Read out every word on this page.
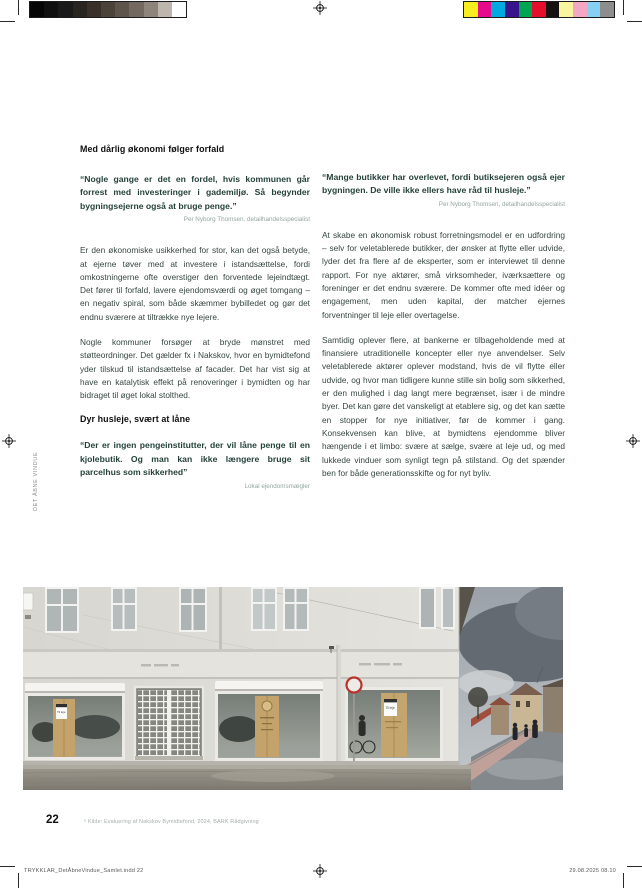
DET ÅBNE VINDUE
Med dårlig økonomi følger forfald

“Nogle gange er det en fordel, hvis kommunen går forrest med investeringer i gademiljø. Så begynder bygningsejerne også at bruge penge.”

Per Nyborg Thomsen, detailhandelsspecialist

Er den økonomiske usikkerhed for stor, kan det også betyde, at ejerne tøver med at investere i istandsættelse, fordi omkostningerne ofte overstiger den forventede lejeindtægt. Det fører til forfald, lavere ejendomsværdi og øget tomgang – en negativ spiral, som både skæmmer bybilledet og gør det endnu sværere at tiltrække nye lejere.

Nogle kommuner forsøger at bryde mønstret med støtteordninger. Det gælder fx i Nakskov, hvor en bymidtefond yder tilskud til istandsættelse af facader. Det har vist sig at have en katalytisk effekt på renoveringer i bymidten og har bidraget til øget lokal stolthed.

Dyr husleje, svært at låne

“Der er ingen pengeinstitutter, der vil låne penge til en kjolebutik. Og man kan ikke længere bruge sit parcelhus som sikkerhed”

Lokal ejendomsmægler

“Mange butikker har overlevet, fordi butiksejeren også ejer bygningen. De ville ikke ellers have råd til husleje.”

Per Nyborg Thomsen, detailhandelsspecialist

At skabe en økonomisk robust forretningsmodel er en udfordring – selv for veletablerede butikker, der ønsker at flytte eller udvide, lyder det fra flere af de eksperter, som er interviewet til denne rapport. For nye aktører, små virksomheder, iværksættere og foreninger er det endnu sværere. De kommer ofte med idéer og engagement, men uden kapital, der matcher ejernes forventninger til leje eller overtagelse.

Samtidig oplever flere, at bankerne er tilbageholdende med at finansiere utraditionelle koncepter eller nye anvendelser. Selv veletablerede aktører oplever modstand, hvis de vil flytte eller udvide, og hvor man tidligere kunne stille sin bolig som sikkerhed, er den mulighed i dag langt mere begrænset, især i de mindre byer. Det kan gøre det vanskeligt at etablere sig, og det kan sætte en stopper for nye initiativer, før de kommer i gang. Konsekvensen kan blive, at bymidtens ejendomme bliver hængende i et limbo: svære at sælge, svære at leje ud, og med lukkede vinduer som synligt tegn på stilstand. Og det spænder ben for både generationsskifte og for nyt byliv.

Til leje
Til leje
22	⁶ Kilde: Evaluering af Nakskov Bymidtefond, 2024, BARK Rådgivning
TRYKKLAR_DetÅbneVindue_Samlet.indd 22	29.08.2025 08.10
